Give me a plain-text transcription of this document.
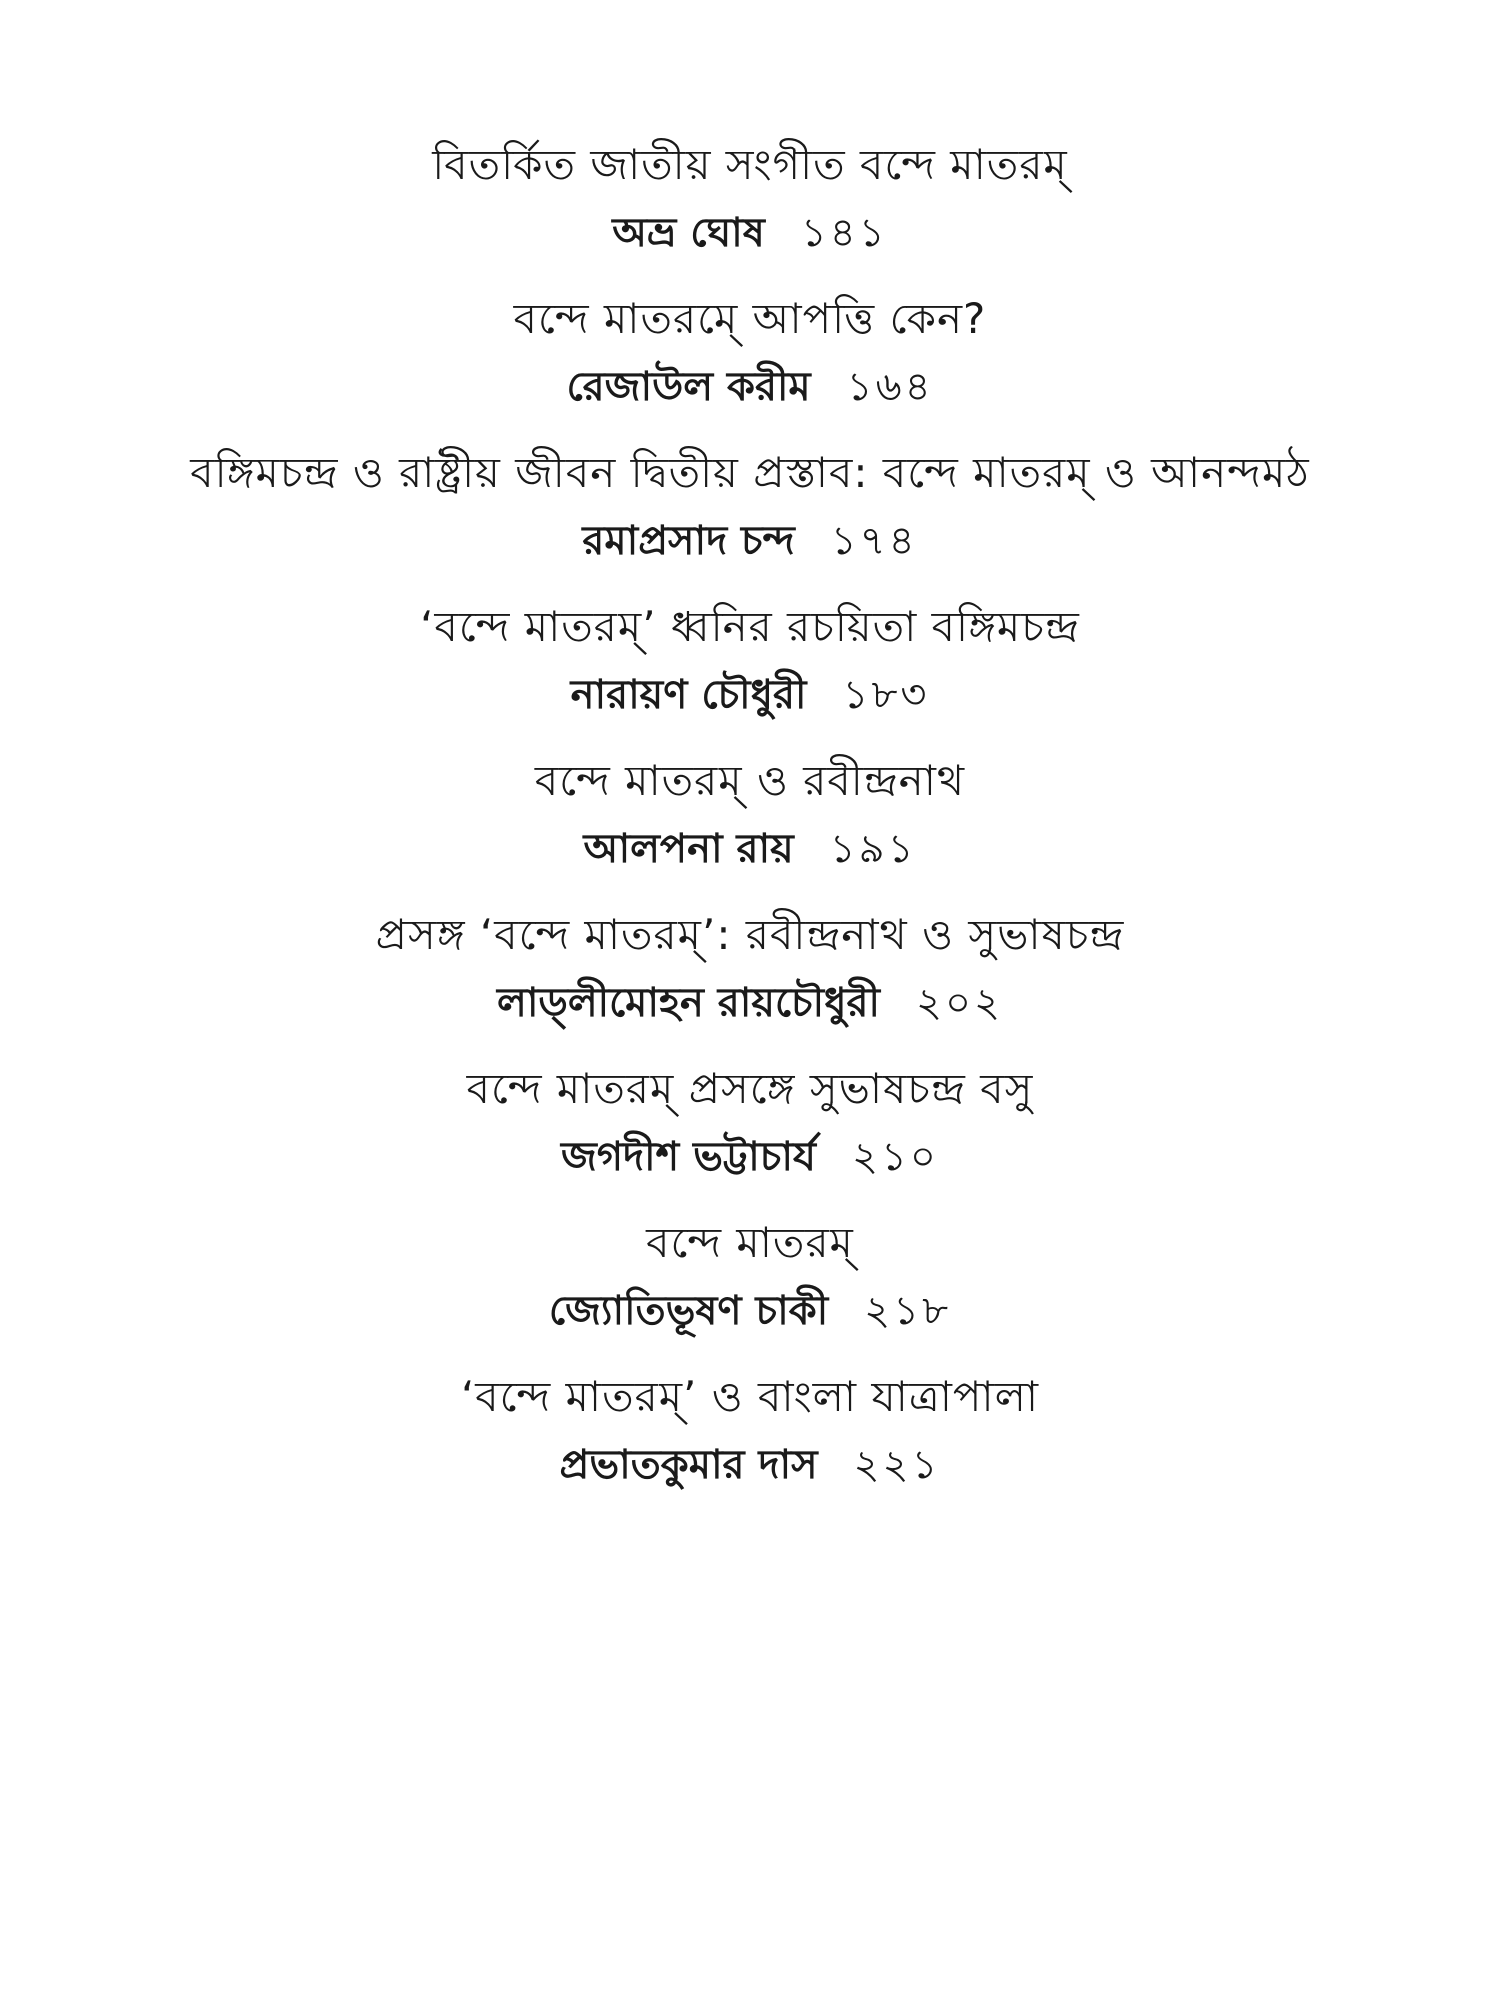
বিতর্কিত জাতীয় সংগীত বন্দে মাতরম্
অভ্র ঘোষ ১৪১
বন্দে মাতরমে্ আপত্তি কেন?
রেজাউল করীম ১৬৪
বঙ্গিমচন্দ্র ও রাষ্ট্রীয় জীবন দ্বিতীয় প্রস্তাব: বন্দে মাতরম্ ও আনন্দমঠ
রমাপ্রসাদ চন্দ ১৭৪
‘বন্দে মাতরম্’ ধ্বনির রচয়িতা বঙ্গিমচন্দ্র
নারায়ণ চৌধুরী ১৮৩
বন্দে মাতরম্ ও রবীন্দ্রনাথ
আলপনা রায় ১৯১
প্রসঙ্গ ‘বন্দে মাতরম্’: রবীন্দ্রনাথ ও সুভাষচন্দ্র
লাড্‌লীমোহন রায়চৌধুরী ২০২
বন্দে মাতরম্ প্রসঙ্গে সুভাষচন্দ্র বসু
জগদীশ ভট্টাচার্য ২১০
বন্দে মাতরম্
জ্যোতিভূষণ চাকী ২১৮
‘বন্দে মাতরম্’ ও বাংলা যাত্রাপালা
প্রভাতকুমার দাস ২২১
